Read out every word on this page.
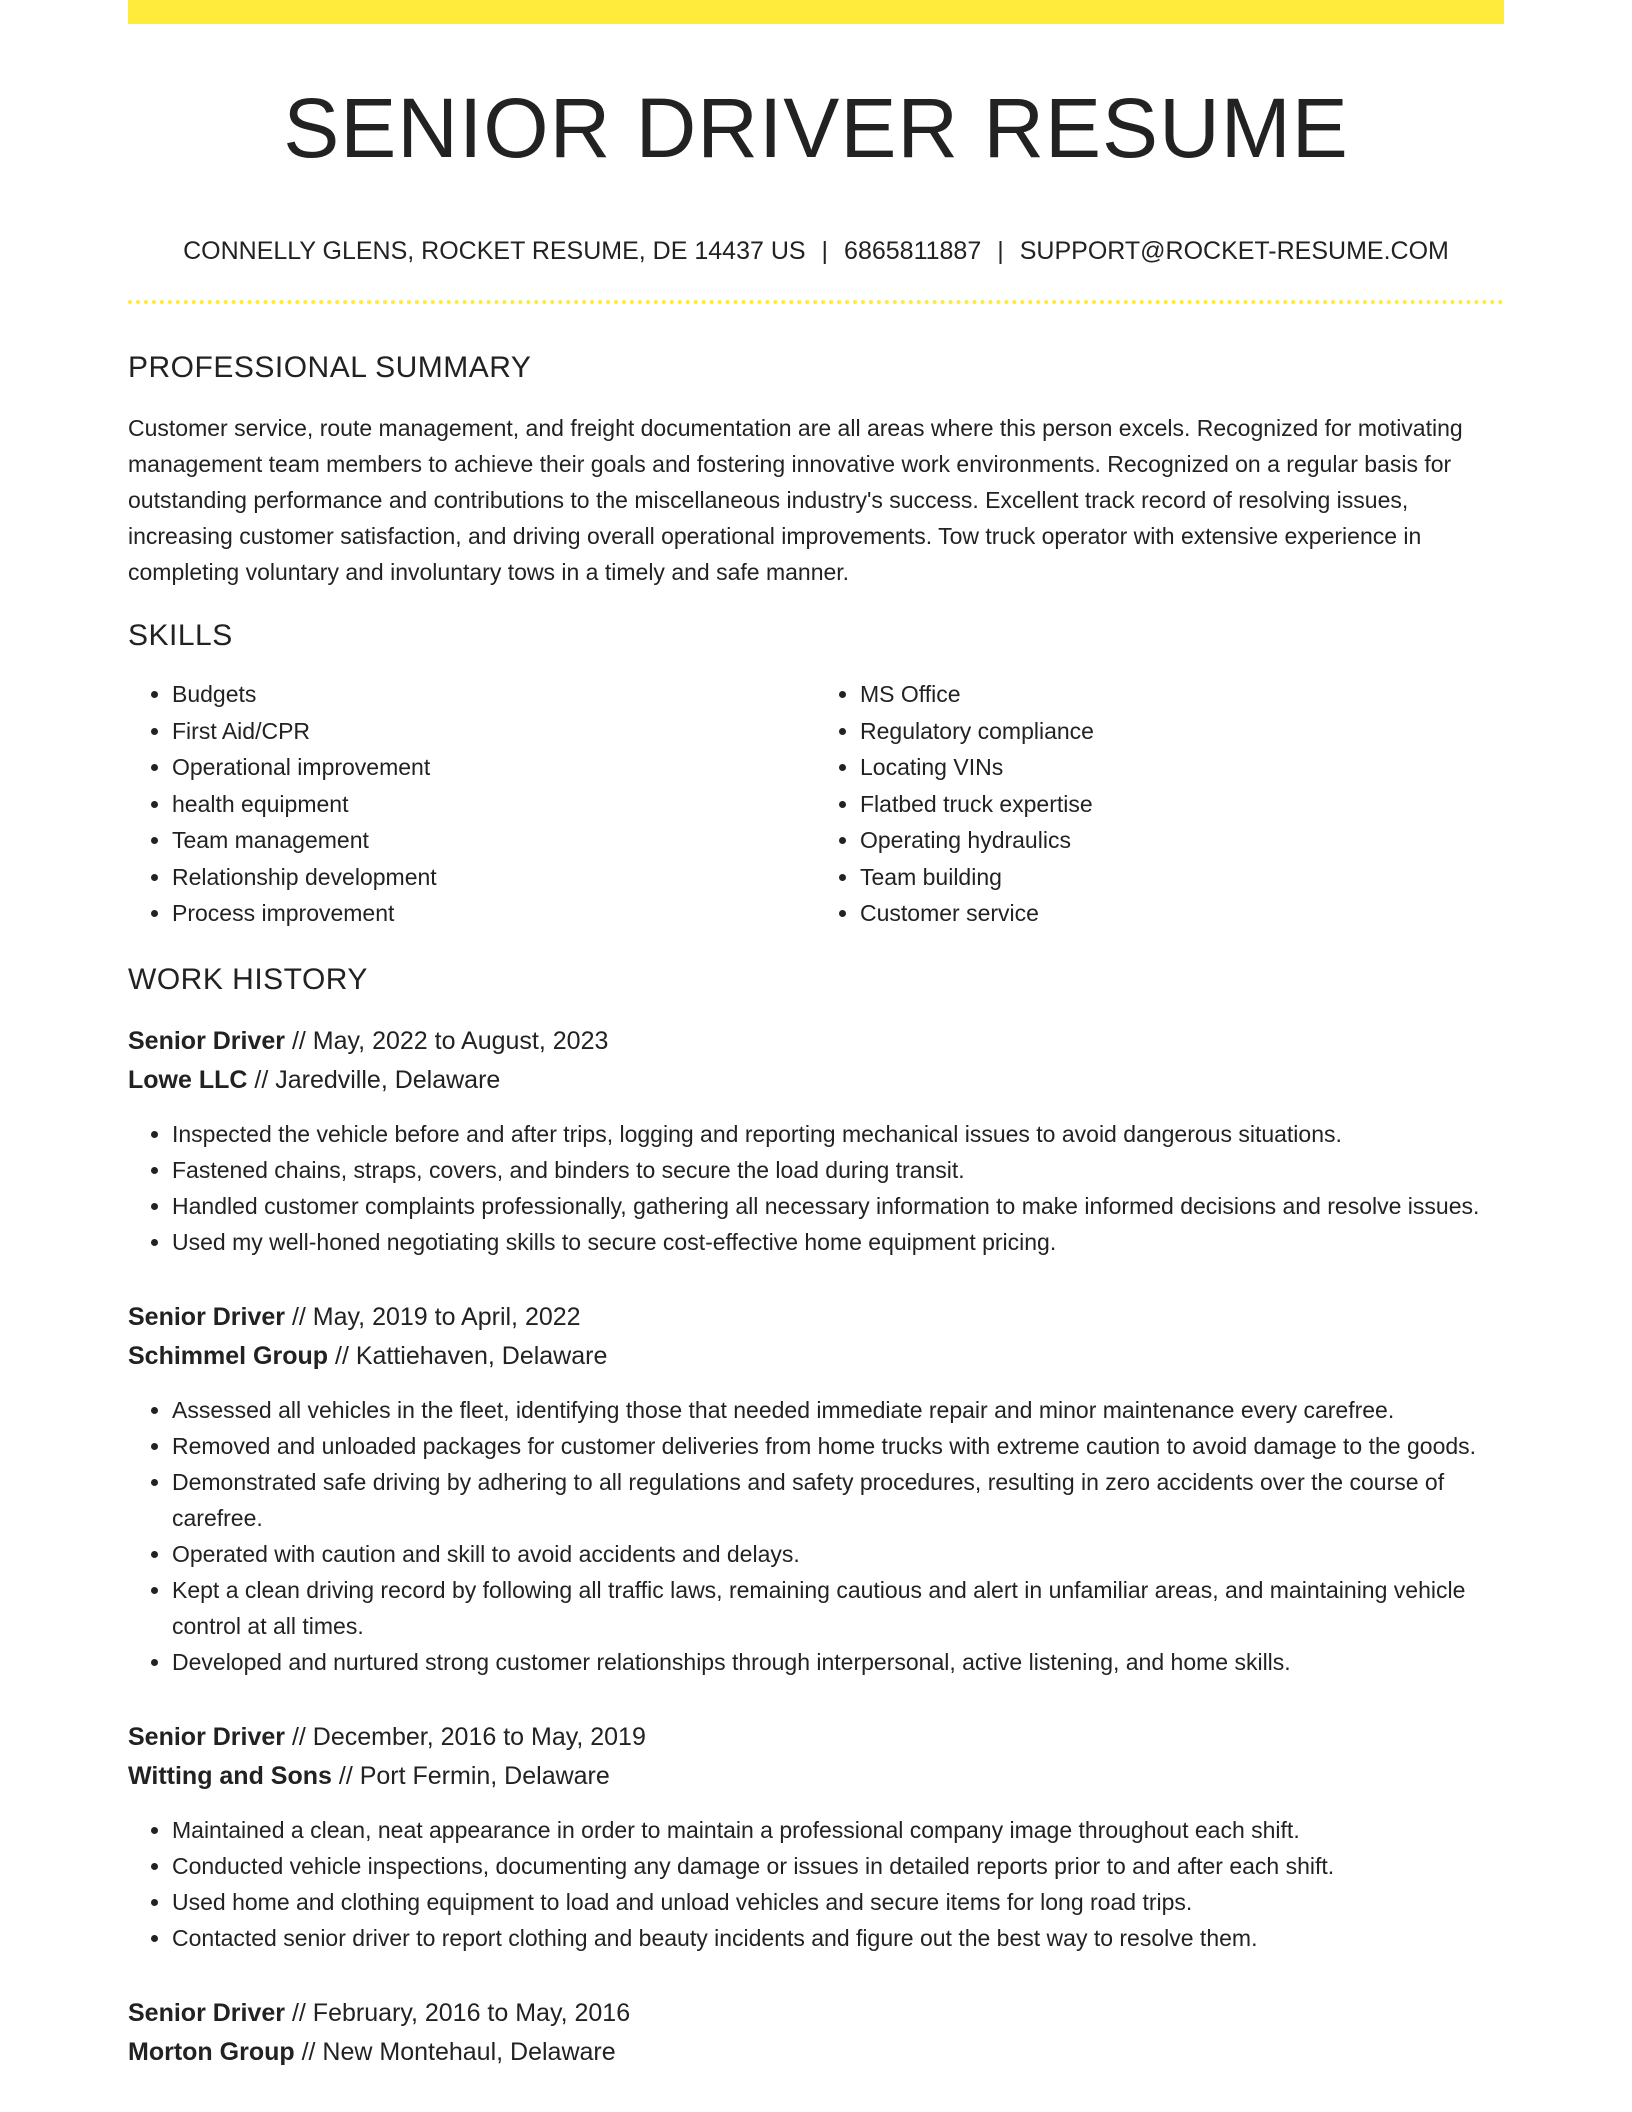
SENIOR DRIVER RESUME
CONNELLY GLENS, ROCKET RESUME, DE 14437 US | 6865811887 | SUPPORT@ROCKET-RESUME.COM
PROFESSIONAL SUMMARY

Customer service, route management, and freight documentation are all areas where this person excels. Recognized for motivating management team members to achieve their goals and fostering innovative work environments. Recognized on a regular basis for outstanding performance and contributions to the miscellaneous industry's success. Excellent track record of resolving issues, increasing customer satisfaction, and driving overall operational improvements. Tow truck operator with extensive experience in completing voluntary and involuntary tows in a timely and safe manner.

SKILLS
• Budgets
• First Aid/CPR
• Operational improvement
• health equipment
• Team management
• Relationship development
• Process improvement
• MS Office
• Regulatory compliance
• Locating VINs
• Flatbed truck expertise
• Operating hydraulics
• Team building
• Customer service
WORK HISTORY
Senior Driver // May, 2022 to August, 2023
Lowe LLC // Jaredville, Delaware
• Inspected the vehicle before and after trips, logging and reporting mechanical issues to avoid dangerous situations.
• Fastened chains, straps, covers, and binders to secure the load during transit.
• Handled customer complaints professionally, gathering all necessary information to make informed decisions and resolve issues.
• Used my well-honed negotiating skills to secure cost-effective home equipment pricing.
Senior Driver // May, 2019 to April, 2022
Schimmel Group // Kattiehaven, Delaware
• Assessed all vehicles in the fleet, identifying those that needed immediate repair and minor maintenance every carefree.
• Removed and unloaded packages for customer deliveries from home trucks with extreme caution to avoid damage to the goods.
• Demonstrated safe driving by adhering to all regulations and safety procedures, resulting in zero accidents over the course of carefree.
• Operated with caution and skill to avoid accidents and delays.
• Kept a clean driving record by following all traffic laws, remaining cautious and alert in unfamiliar areas, and maintaining vehicle control at all times.
• Developed and nurtured strong customer relationships through interpersonal, active listening, and home skills.
Senior Driver // December, 2016 to May, 2019
Witting and Sons // Port Fermin, Delaware
• Maintained a clean, neat appearance in order to maintain a professional company image throughout each shift.
• Conducted vehicle inspections, documenting any damage or issues in detailed reports prior to and after each shift.
• Used home and clothing equipment to load and unload vehicles and secure items for long road trips.
• Contacted senior driver to report clothing and beauty incidents and figure out the best way to resolve them.
Senior Driver // February, 2016 to May, 2016
Morton Group // New Montehaul, Delaware
